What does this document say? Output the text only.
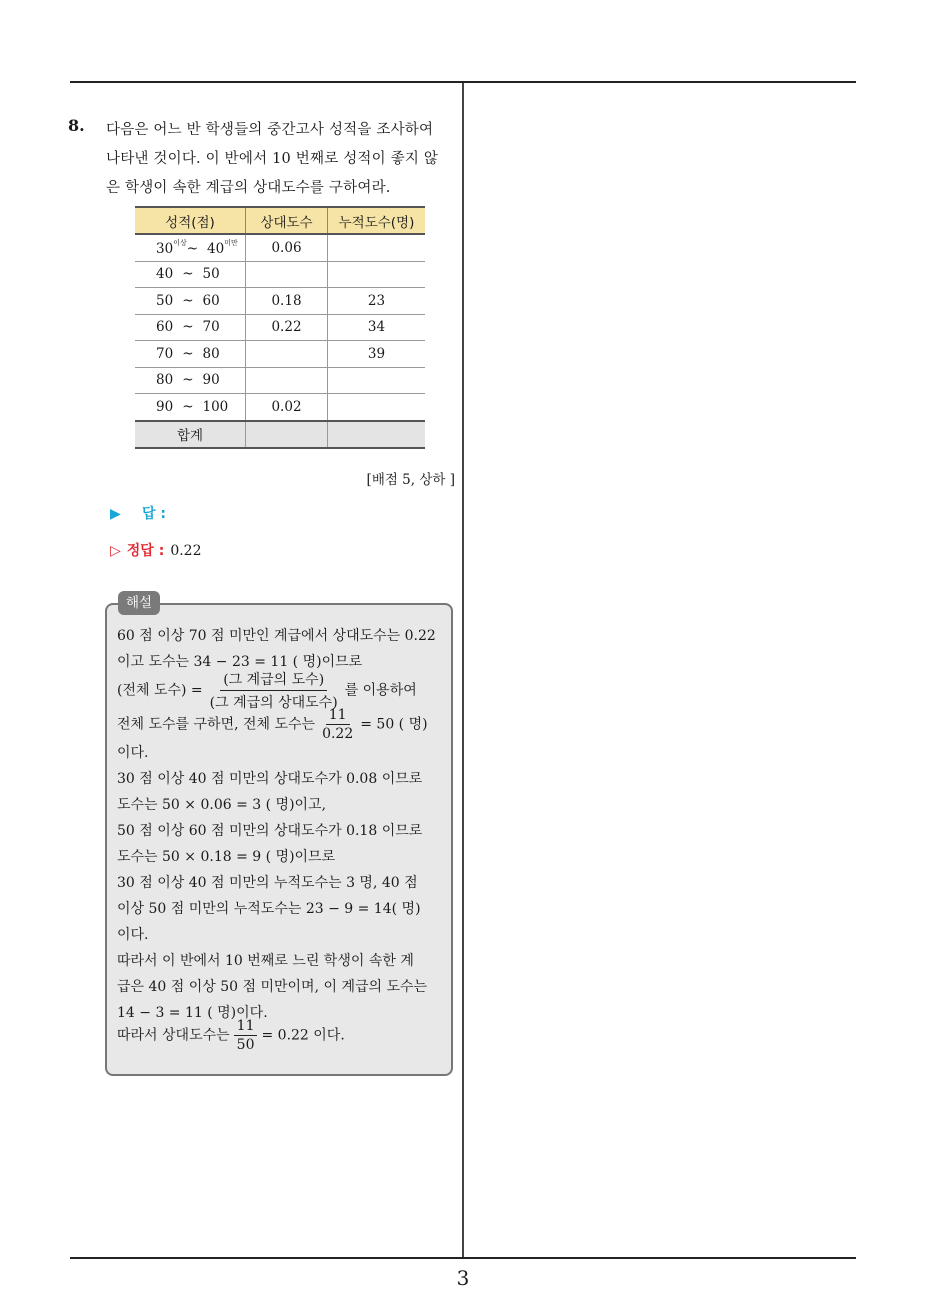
8. 다음은 어느 반 학생들의 중간고사 성적을 조사하여 나타낸 것이다. 이 반에서 10 번째로 성적이 좋지 않은 학생이 속한 계급의 상대도수를 구하여라.
성적(점)	상대도수	누적도수(명)
$30^{이상}\sim$ $40^{미만}$	0.06	
40 ~ 50		
50 ~ 60	0.18	23
60 ~ 70	0.22	34
70 ~ 80		39
80 ~ 90		
90 ~ 100	0.02	
합계		
[배점 5, 상하 ]
▶ 답 :
▷ 정답 : 0.22
해설
60 점 이상 70 점 미만인 계급에서 상대도수는 0.22
이고 도수는 34 − 23 = 11 ( 명)이므로
(전체 도수) = $\frac{\text{(그 계급의 도수)}}{\text{(그 계급의 상대도수)}}$ 를 이용하여
전체 도수를 구하면, 전체 도수는 $\frac{11}{0.22} = 50$ ( 명)
이다.
30 점 이상 40 점 미만의 상대도수가 0.08 이므로
도수는 50 × 0.06 = 3 ( 명)이고,
50 점 이상 60 점 미만의 상대도수가 0.18 이므로
도수는 50 × 0.18 = 9 ( 명)이므로
30 점 이상 40 점 미만의 누적도수는 3 명, 40 점
이상 50 점 미만의 누적도수는 23 − 9 = 14( 명)
이다.
따라서 이 반에서 10 번째로 느린 학생이 속한 계
급은 40 점 이상 50 점 미만이며, 이 계급의 도수는
14 − 3 = 11 ( 명)이다.
따라서 상대도수는 $\frac{11}{50} = 0.22$ 이다.
3
